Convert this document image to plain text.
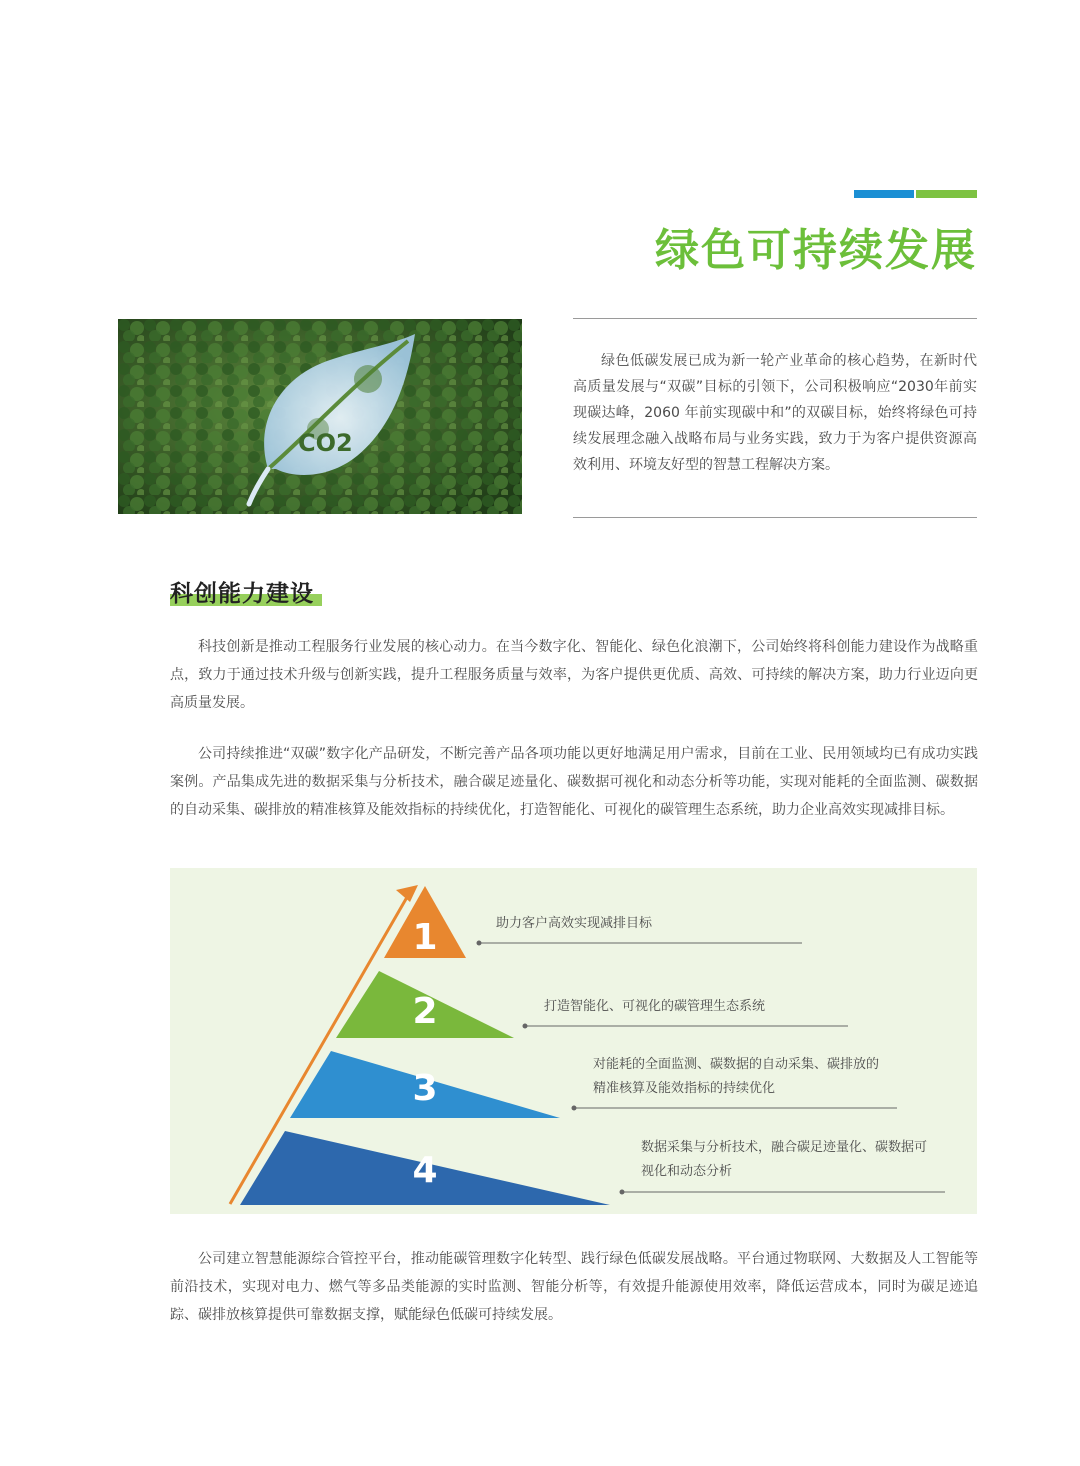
绿色可持续发展
CO2

绿色低碳发展已成为新一轮产业革命的核心趋势，在新时代高质量发展与“双碳”目标的引领下，公司积极响应“2030年前实现碳达峰，2060 年前实现碳中和”的双碳目标，始终将绿色可持续发展理念融入战略布局与业务实践，致力于为客户提供资源高效利用、环境友好型的智慧工程解决方案。

科创能力建设

科技创新是推动工程服务行业发展的核心动力。在当今数字化、智能化、绿色化浪潮下，公司始终将科创能力建设作为战略重点，致力于通过技术升级与创新实践，提升工程服务质量与效率，为客户提供更优质、高效、可持续的解决方案，助力行业迈向更高质量发展。

公司持续推进“双碳”数字化产品研发，不断完善产品各项功能以更好地满足用户需求，目前在工业、民用领域均已有成功实践案例。产品集成先进的数据采集与分析技术，融合碳足迹量化、碳数据可视化和动态分析等功能，实现对能耗的全面监测、碳数据的自动采集、碳排放的精准核算及能效指标的持续优化，打造智能化、可视化的碳管理生态系统，助力企业高效实现减排目标。

1
2
3
4

助力客户高效实现减排目标

打造智能化、可视化的碳管理生态系统

对能耗的全面监测、碳数据的自动采集、碳排放的精准核算及能效指标的持续优化

数据采集与分析技术，融合碳足迹量化、碳数据可视化和动态分析

公司建立智慧能源综合管控平台，推动能碳管理数字化转型、践行绿色低碳发展战略。平台通过物联网、大数据及人工智能等前沿技术，实现对电力、燃气等多品类能源的实时监测、智能分析等，有效提升能源使用效率，降低运营成本，同时为碳足迹追踪、碳排放核算提供可靠数据支撑，赋能绿色低碳可持续发展。
